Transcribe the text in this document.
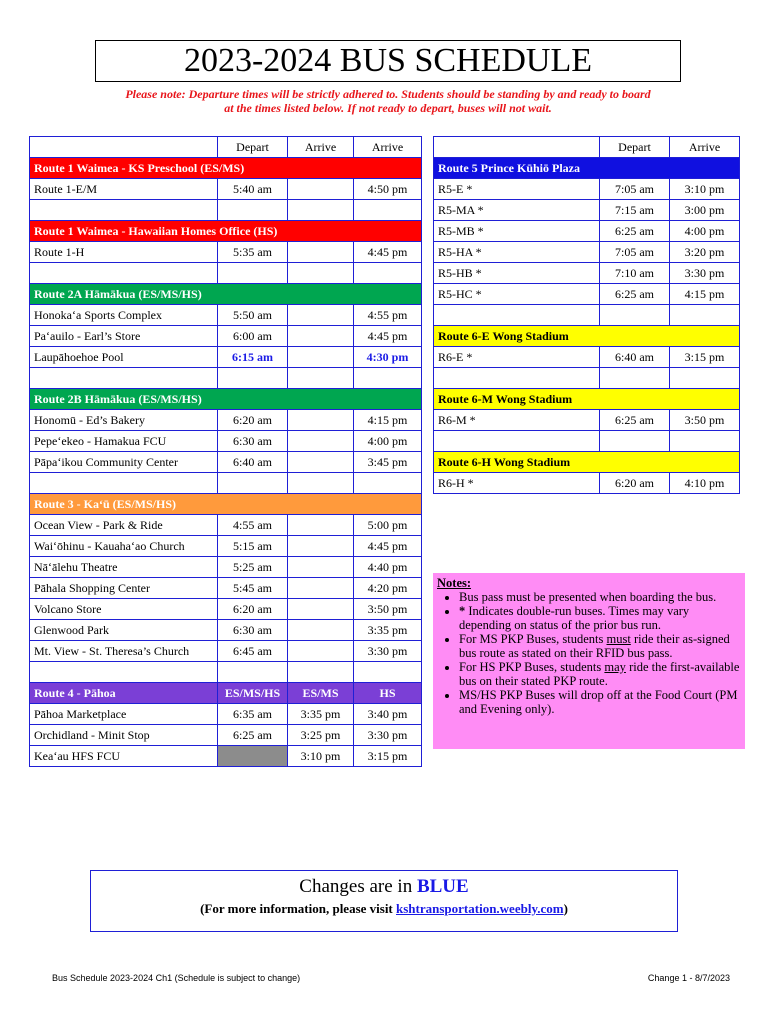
2023-2024 BUS SCHEDULE
Please note: Departure times will be strictly adhered to. Students should be standing by and ready to board
at the times listed below. If not ready to depart, buses will not wait.
	Depart	Arrive	Arrive
Route 1 Waimea - KS Preschool (ES/MS)			
Route 1-E/M	5:40 am		4:50 pm

Route 1 Waimea - Hawaiian Homes Office (HS)			
Route 1-H	5:35 am		4:45 pm

Route 2A Hāmākua (ES/MS/HS)			
Honoka‘a Sports Complex	5:50 am		4:55 pm
Pa‘auilo - Earl’s Store	6:00 am		4:45 pm
Laupāhoehoe Pool	6:15 am		4:30 pm

Route 2B Hāmākua (ES/MS/HS)			
Honomū - Ed’s Bakery	6:20 am		4:15 pm
Pepe‘ekeo - Hamakua FCU	6:30 am		4:00 pm
Pāpa‘ikou Community Center	6:40 am		3:45 pm

Route 3 - Ka‘ū (ES/MS/HS)			
Ocean View - Park & Ride	4:55 am		5:00 pm
Wai‘ōhinu - Kauaha‘ao Church	5:15 am		4:45 pm
Nā‘ālehu Theatre	5:25 am		4:40 pm
Pāhala Shopping Center	5:45 am		4:20 pm
Volcano Store	6:20 am		3:50 pm
Glenwood Park	6:30 am		3:35 pm
Mt. View - St. Theresa’s Church	6:45 am		3:30 pm

Route 4 - Pāhoa	ES/MS/HS	ES/MS	HS
Pāhoa Marketplace	6:35 am	3:35 pm	3:40 pm
Orchidland - Minit Stop	6:25 am	3:25 pm	3:30 pm
Kea‘au HFS FCU		3:10 pm	3:15 pm
	Depart	Arrive
Route 5 Prince Kūhiō Plaza		
R5-E *	7:05 am	3:10 pm
R5-MA *	7:15 am	3:00 pm
R5-MB *	6:25 am	4:00 pm
R5-HA *	7:05 am	3:20 pm
R5-HB *	7:10 am	3:30 pm
R5-HC *	6:25 am	4:15 pm

Route 6-E Wong Stadium		
R6-E *	6:40 am	3:15 pm

Route 6-M Wong Stadium		
R6-M *	6:25 am	3:50 pm

Route 6-H Wong Stadium		
R6-H *	6:20 am	4:10 pm
Notes:
• Bus pass must be presented when boarding the bus.
• * Indicates double-run buses. Times may vary depending on status of the prior bus run.
• For MS PKP Buses, students must ride their as-signed bus route as stated on their RFID bus pass.
• For HS PKP Buses, students may ride the first-available bus on their stated PKP route.
• MS/HS PKP Buses will drop off at the Food Court (PM and Evening only).
Changes are in BLUE
(For more information, please visit kshtransportation.weebly.com)
Bus Schedule 2023-2024 Ch1 (Schedule is subject to change)	Change 1 - 8/7/2023
